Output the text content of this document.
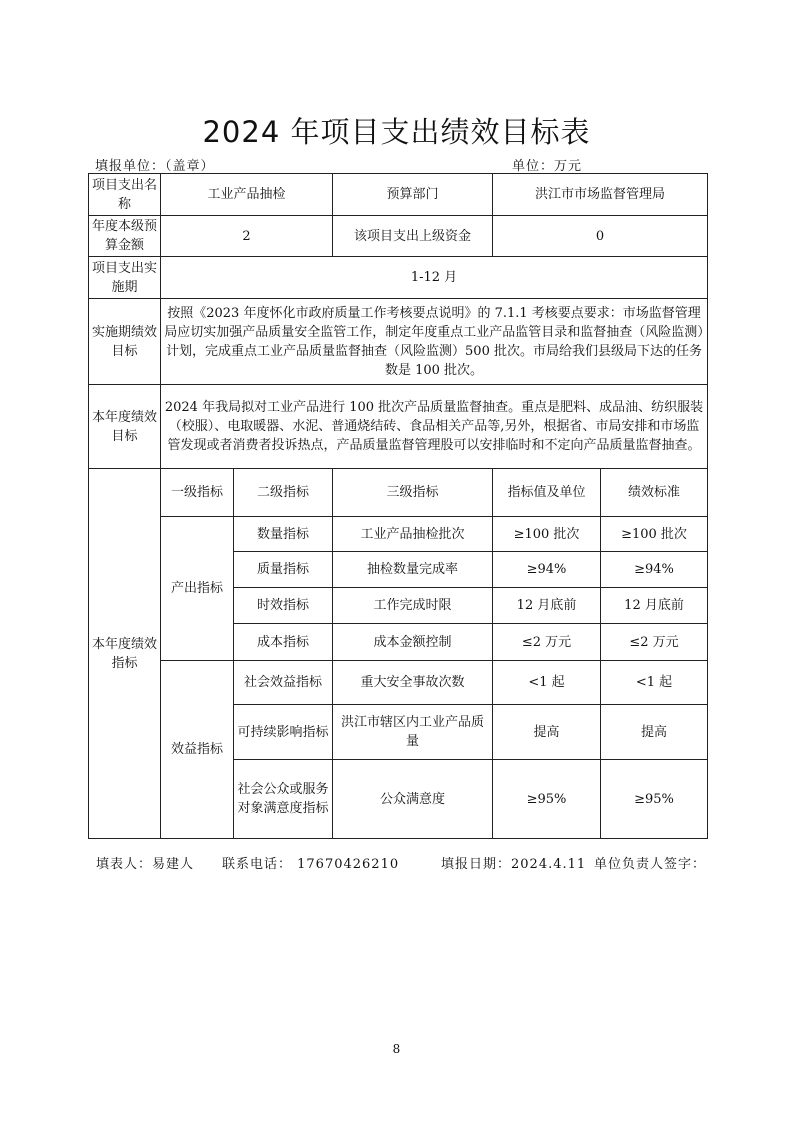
2024 年项目支出绩效目标表
填报单位：（盖章）	单位：万元
项目支出名称	工业产品抽检		预算部门	洪江市市场监督管理局	
年度本级预算金额	2		该项目支出上级资金	0	
项目支出实施期	1-12 月				
实施期绩效目标	按照《2023 年度怀化市政府质量工作考核要点说明》的 7.1.1 考核要点要求：市场监督管理局应切实加强产品质量安全监管工作，制定年度重点工业产品监管目录和监督抽查（风险监测）计划，完成重点工业产品质量监督抽查（风险监测）500 批次。市局给我们县级局下达的任务数是 100 批次。				
本年度绩效目标	2024 年我局拟对工业产品进行 100 批次产品质量监督抽查。重点是肥料、成品油、纺织服装（校服）、电取暖器、水泥、普通烧结砖、食品相关产品等,另外，根据省、市局安排和市场监管发现或者消费者投诉热点，产品质量监督管理股可以安排临时和不定向产品质量监督抽查。				
本年度绩效指标	一级指标	二级指标	三级指标	指标值及单位	绩效标准
	产出指标	数量指标	工业产品抽检批次	≥100 批次	≥100 批次
		质量指标	抽检数量完成率	≥94%	≥94%
		时效指标	工作完成时限	12 月底前	12 月底前
		成本指标	成本金额控制	≤2 万元	≤2 万元
	效益指标	社会效益指标	重大安全事故次数	<1 起	<1 起
		可持续影响指标	洪江市辖区内工业产品质量	提高	提高
		社会公众或服务对象满意度指标	公众满意度	≥95%	≥95%
填表人：易建人 联系电话： 17670426210	填报日期：2024.4.11 单位负责人签字：
8
